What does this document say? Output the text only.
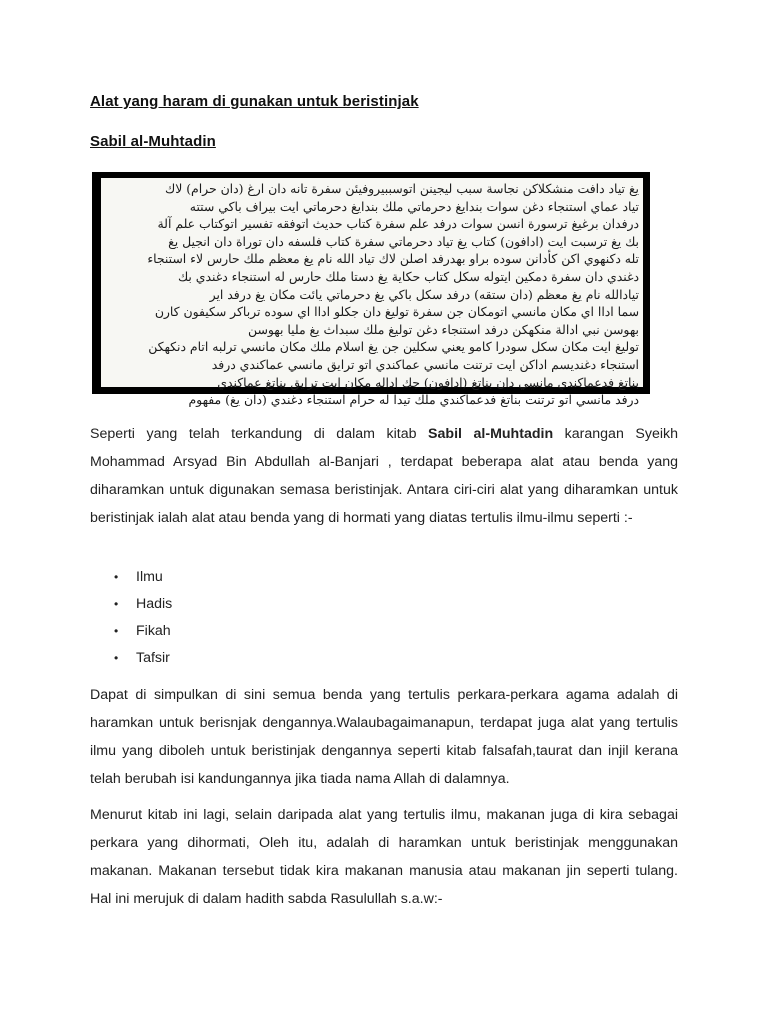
Alat yang haram di gunakan untuk beristinjak

Sabil al-Muhtadin

يغ تياد دافت منشكلاكن نجاسة سبب ليجينن اتوسببيروفيئن سفرة تانه دان ارغ (دان حرام) لاك
تياد عماي استنجاء دغن سوات بندايغ دحرماتي ملك بندايغ دحرماتي ايت بيراف باكي ستته
درفدان برغيغ ترسورة انسن سوات درفد علم سفرة كتاب حديث اتوفقه تفسير اتوكتاب علم آلة
بك يغ ترسبت ايت (ادافون) كتاب يغ تياد دحرماتي سفرة كتاب فلسفه دان توراة دان انجيل يغ
تله دكنهوي اكن كأدانن سوده براو بهدرفد اصلن لاك تياد الله نام يغ معظم ملك حارس لاء استنجاء
دغندي دان سفرة دمكين ايتوله سكل كتاب حكاية يغ دستا ملك حارس له استنجاء دغندي بك
تيادالله نام يغ معظم (دان ستقه) درفد سكل باكي يغ دحرماتي يائت مكان يغ درفد اير
سما اداا اي مكان مانسي اتومكان جن سفرة توليغ دان جكلو اداا اي سوده ترباكر سكيفون كارن
بهوسن نبي ادالة منكهكن درفد استنجاء دغن توليغ ملك سبداث يغ مليا بهوسن
توليغ ايت مكان سكل سودرا كامو يعني سكلين جن يغ اسلام ملك مكان مانسي ترلبه اتام دنكهكن
استنجاء دغنديسم اداكن ايت ترتنت مانسي عماكندي اتو ترايق مانسي عماكندي درفد
بناتغ فدعماكندي مانسي دان بناتغ (ادافون) جك اداله مكان ايت ترايق بناتغ عماكندي
درفد مانسي اتو ترتنت بناتغ فدعماكندي ملك تيدا له حرام استنجاء دغندي (دان يغ) مفهوم

Seperti yang telah terkandung di dalam kitab Sabil al-Muhtadin karangan Syeikh Mohammad Arsyad Bin Abdullah al-Banjari , terdapat beberapa alat atau benda yang diharamkan untuk digunakan semasa beristinjak. Antara ciri-ciri alat yang diharamkan untuk beristinjak ialah alat atau benda yang di hormati yang diatas tertulis ilmu-ilmu seperti :-

• Ilmu
• Hadis
• Fikah
• Tafsir

Dapat di simpulkan di sini semua benda yang tertulis perkara-perkara agama adalah di haramkan untuk berisnjak dengannya.Walaubagaimanapun, terdapat juga alat yang tertulis ilmu yang diboleh untuk beristinjak dengannya seperti kitab falsafah,taurat dan injil kerana telah berubah isi kandungannya jika tiada nama Allah di dalamnya.

Menurut kitab ini lagi, selain daripada alat yang tertulis ilmu, makanan juga di kira sebagai perkara yang dihormati, Oleh itu, adalah di haramkan untuk beristinjak menggunakan makanan. Makanan tersebut tidak kira makanan manusia atau makanan jin seperti tulang. Hal ini merujuk di dalam hadith sabda Rasulullah s.a.w:-
